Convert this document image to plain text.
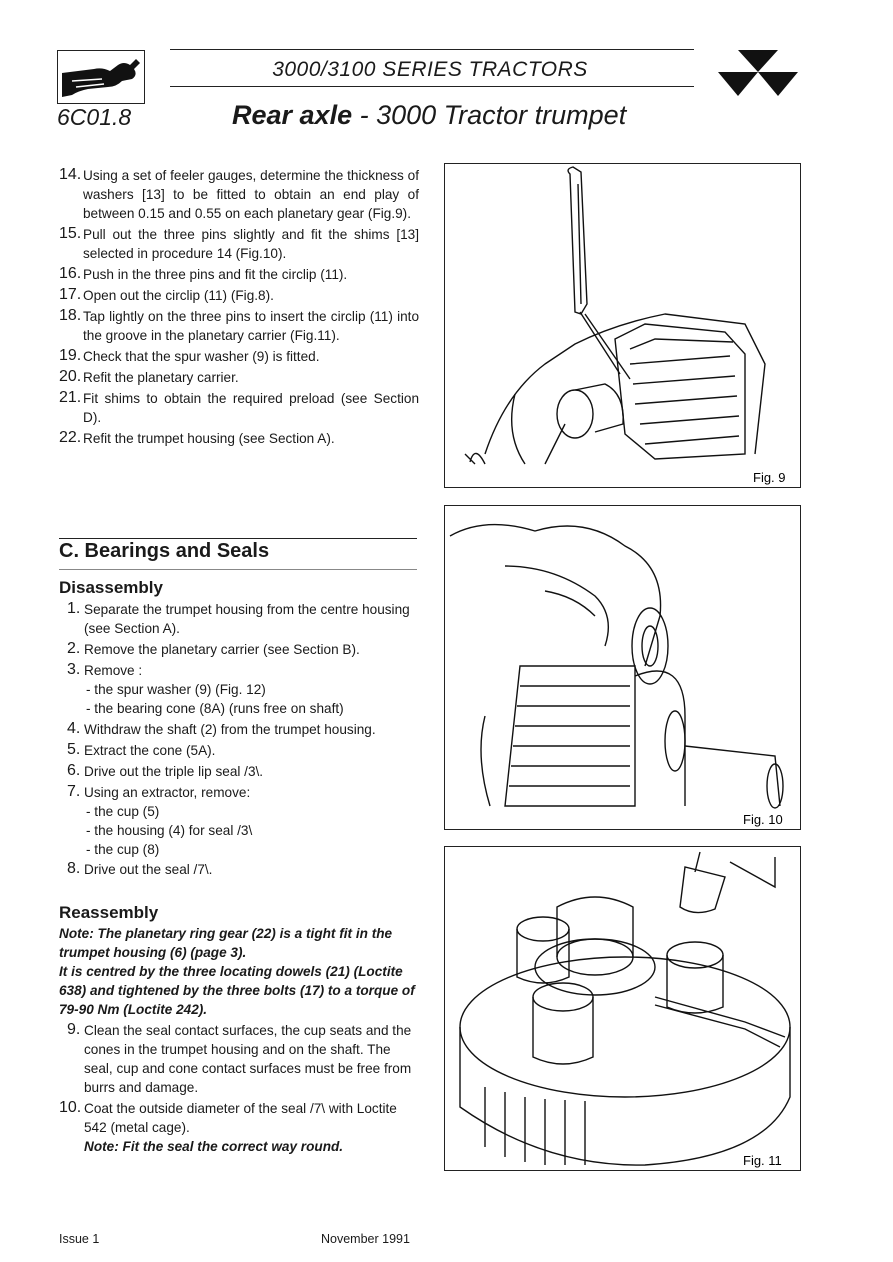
3000/3100 SERIES TRACTORS
6C01.8	Rear axle - 3000 Tractor trumpet
14. Using a set of feeler gauges, determine the thickness of washers [13] to be fitted to obtain an end play of between 0.15 and 0.55 on each planetary gear (Fig.9).
15. Pull out the three pins slightly and fit the shims [13] selected in procedure 14 (Fig.10).
16. Push in the three pins and fit the circlip (11).
17. Open out the circlip (11) (Fig.8).
18. Tap lightly on the three pins to insert the circlip (11) into the groove in the planetary carrier (Fig.11).
19. Check that the spur washer (9) is fitted.
20. Refit the planetary carrier.
21. Fit shims to obtain the required preload (see Section D).
22. Refit the trumpet housing (see Section A).
C. Bearings and Seals
Disassembly
1. Separate the trumpet housing from the centre housing (see Section A).
2. Remove the planetary carrier (see Section B).
3. Remove :
- the spur washer (9) (Fig. 12)
- the bearing cone (8A) (runs free on shaft)
4. Withdraw the shaft (2) from the trumpet housing.
5. Extract the cone (5A).
6. Drive out the triple lip seal /3\.
7. Using an extractor, remove:
- the cup (5)
- the housing (4) for seal /3\
- the cup (8)
8. Drive out the seal /7\.
Reassembly
Note: The planetary ring gear (22) is a tight fit in the trumpet housing (6) (page 3).
It is centred by the three locating dowels (21) (Loctite 638) and tightened by the three bolts (17) to a torque of 79-90 Nm (Loctite 242).
9. Clean the seal contact surfaces, the cup seats and the cones in the trumpet housing and on the shaft. The seal, cup and cone contact surfaces must be free from burrs and damage.
10. Coat the outside diameter of the seal /7\ with Loctite 542 (metal cage).
Note: Fit the seal the correct way round.
Fig. 9
Fig. 10
Fig. 11
Issue 1	November 1991
